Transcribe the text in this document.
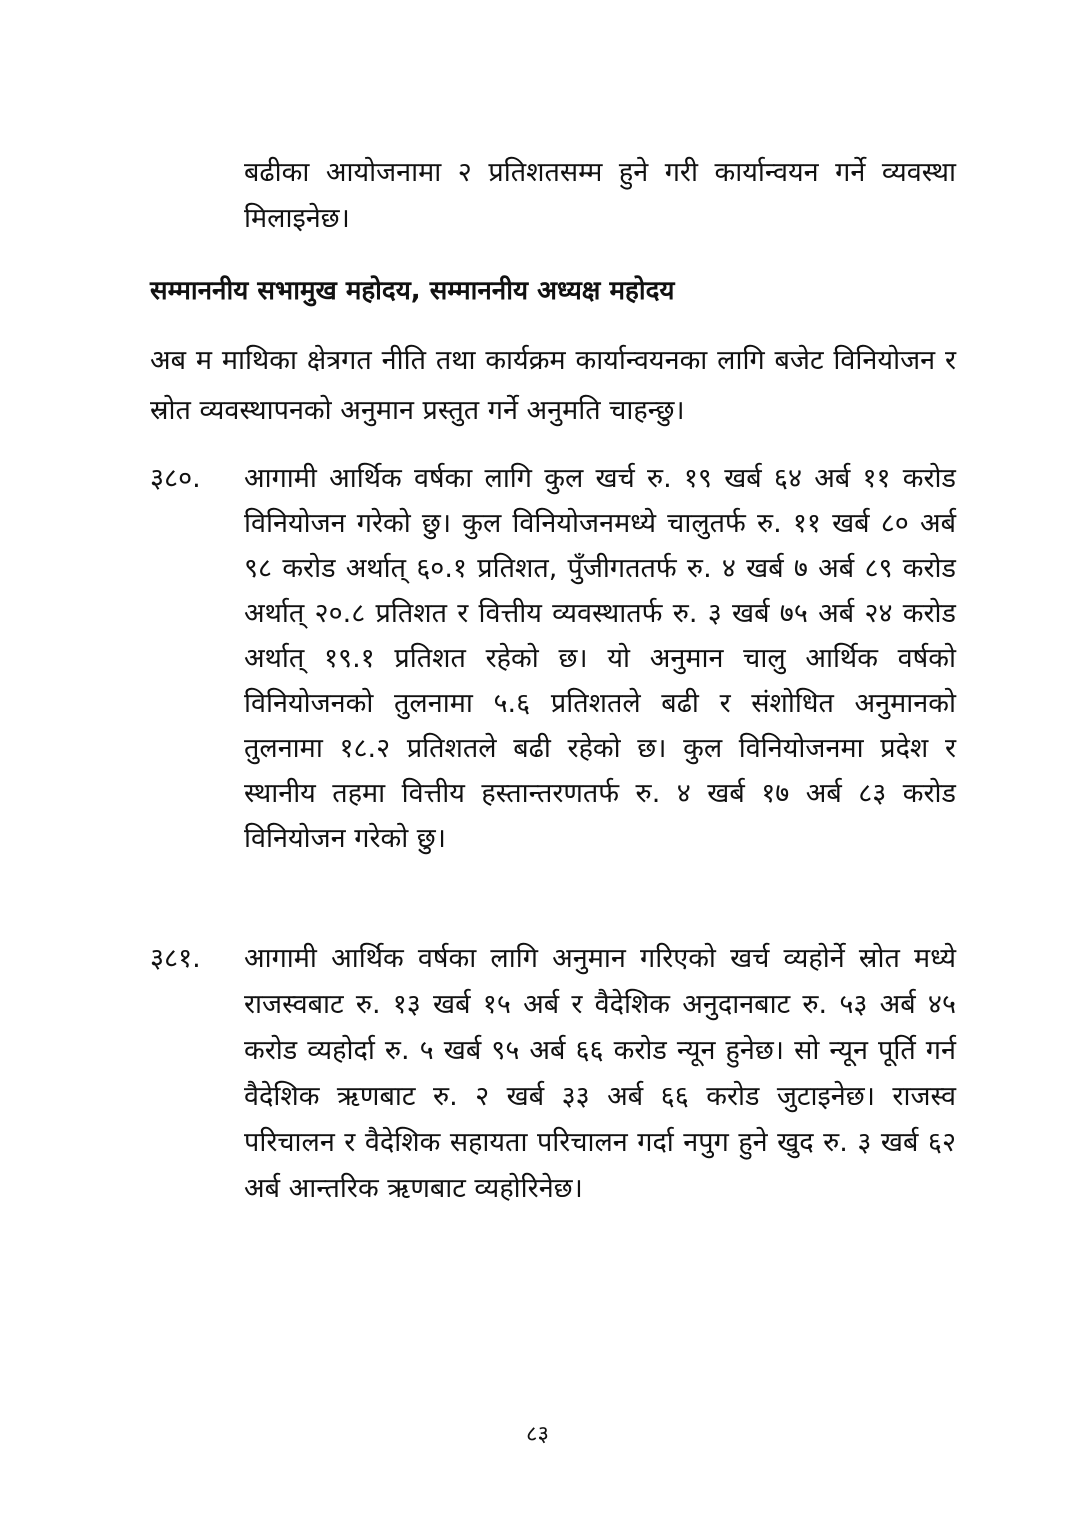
बढीका आयोजनामा २ प्रतिशतसम्म हुने गरी कार्यान्वयन गर्ने व्यवस्था मिलाइनेछ।

सम्माननीय सभामुख महोदय, सम्माननीय अध्यक्ष महोदय

अब म माथिका क्षेत्रगत नीति तथा कार्यक्रम कार्यान्वयनका लागि बजेट विनियोजन र स्रोत व्यवस्थापनको अनुमान प्रस्तुत गर्ने अनुमति चाहन्छु।

३८०. आगामी आर्थिक वर्षका लागि कुल खर्च रु. १९ खर्ब ६४ अर्ब ११ करोड विनियोजन गरेको छु। कुल विनियोजनमध्ये चालुतर्फ रु. ११ खर्ब ८० अर्ब ९८ करोड अर्थात् ६०.१ प्रतिशत, पुँजीगततर्फ रु. ४ खर्ब ७ अर्ब ८९ करोड अर्थात् २०.८ प्रतिशत र वित्तीय व्यवस्थातर्फ रु. ३ खर्ब ७५ अर्ब २४ करोड अर्थात् १९.१ प्रतिशत रहेको छ। यो अनुमान चालु आर्थिक वर्षको विनियोजनको तुलनामा ५.६ प्रतिशतले बढी र संशोधित अनुमानको तुलनामा १८.२ प्रतिशतले बढी रहेको छ। कुल विनियोजनमा प्रदेश र स्थानीय तहमा वित्तीय हस्तान्तरणतर्फ रु. ४ खर्ब १७ अर्ब ८३ करोड विनियोजन गरेको छु।

३८१. आगामी आर्थिक वर्षका लागि अनुमान गरिएको खर्च व्यहोर्ने स्रोत मध्ये राजस्वबाट रु. १३ खर्ब १५ अर्ब र वैदेशिक अनुदानबाट रु. ५३ अर्ब ४५ करोड व्यहोर्दा रु. ५ खर्ब ९५ अर्ब ६६ करोड न्यून हुनेछ। सो न्यून पूर्ति गर्न वैदेशिक ऋणबाट रु. २ खर्ब ३३ अर्ब ६६ करोड जुटाइनेछ। राजस्व परिचालन र वैदेशिक सहायता परिचालन गर्दा नपुग हुने खुद रु. ३ खर्ब ६२ अर्ब आन्तरिक ऋणबाट व्यहोरिनेछ।

८३
